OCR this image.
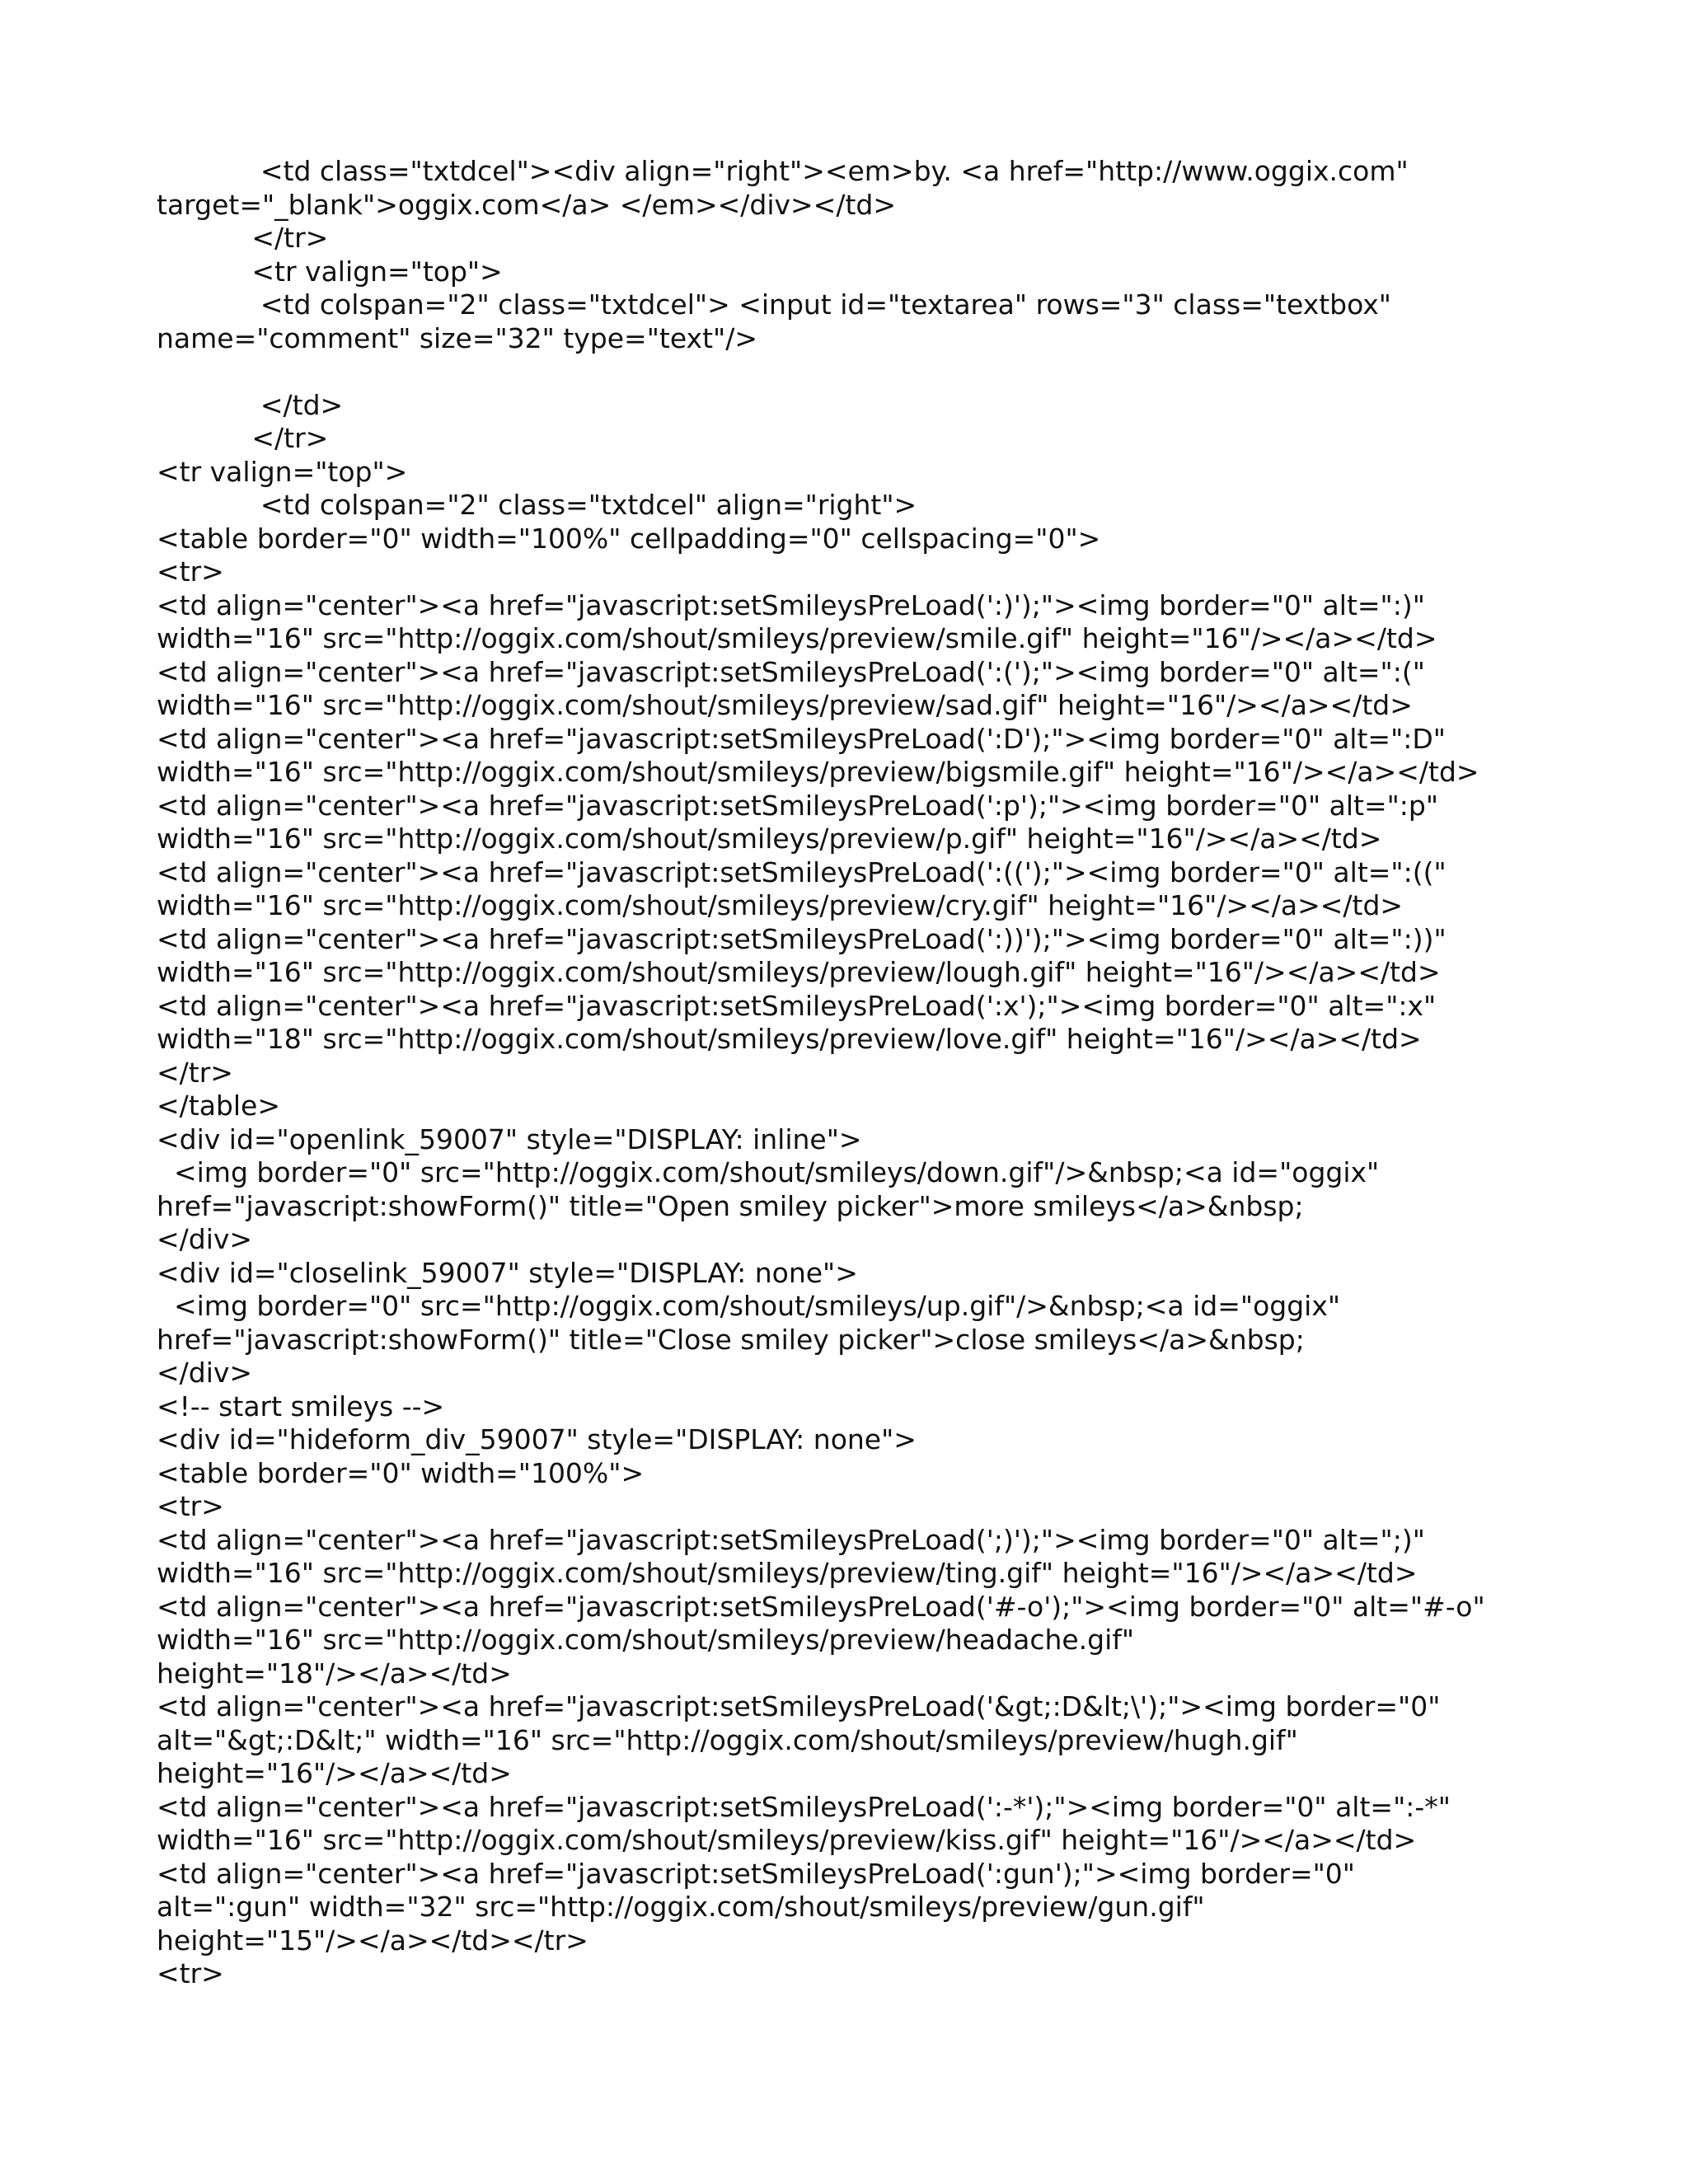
<td class="txtdcel"><div align="right"><em>by. <a href="http://www.oggix.com"
target="_blank">oggix.com</a> </em></div></td>
</tr>
<tr valign="top">
<td colspan="2" class="txtdcel"> <input id="textarea" rows="3" class="textbox"
name="comment" size="32" type="text"/>
</td>
</tr>
<tr valign="top">
<td colspan="2" class="txtdcel" align="right">
<table border="0" width="100%" cellpadding="0" cellspacing="0">
<tr>
<td align="center"><a href="javascript:setSmileysPreLoad(':)');"><img border="0" alt=":)"
width="16" src="http://oggix.com/shout/smileys/preview/smile.gif" height="16"/></a></td>
<td align="center"><a href="javascript:setSmileysPreLoad(':(');"><img border="0" alt=":("
width="16" src="http://oggix.com/shout/smileys/preview/sad.gif" height="16"/></a></td>
<td align="center"><a href="javascript:setSmileysPreLoad(':D');"><img border="0" alt=":D"
width="16" src="http://oggix.com/shout/smileys/preview/bigsmile.gif" height="16"/></a></td>
<td align="center"><a href="javascript:setSmileysPreLoad(':p');"><img border="0" alt=":p"
width="16" src="http://oggix.com/shout/smileys/preview/p.gif" height="16"/></a></td>
<td align="center"><a href="javascript:setSmileysPreLoad(':((');"><img border="0" alt=":(("
width="16" src="http://oggix.com/shout/smileys/preview/cry.gif" height="16"/></a></td>
<td align="center"><a href="javascript:setSmileysPreLoad(':))');"><img border="0" alt=":))"
width="16" src="http://oggix.com/shout/smileys/preview/lough.gif" height="16"/></a></td>
<td align="center"><a href="javascript:setSmileysPreLoad(':x');"><img border="0" alt=":x"
width="18" src="http://oggix.com/shout/smileys/preview/love.gif" height="16"/></a></td>
</tr>
</table>
<div id="openlink_59007" style="DISPLAY: inline">
<img border="0" src="http://oggix.com/shout/smileys/down.gif"/>&nbsp;<a id="oggix"
href="javascript:showForm()" title="Open smiley picker">more smileys</a>&nbsp;
</div>
<div id="closelink_59007" style="DISPLAY: none">
<img border="0" src="http://oggix.com/shout/smileys/up.gif"/>&nbsp;<a id="oggix"
href="javascript:showForm()" title="Close smiley picker">close smileys</a>&nbsp;
</div>
<!-- start smileys -->
<div id="hideform_div_59007" style="DISPLAY: none">
<table border="0" width="100%">
<tr>
<td align="center"><a href="javascript:setSmileysPreLoad(';)');"><img border="0" alt=";)"
width="16" src="http://oggix.com/shout/smileys/preview/ting.gif" height="16"/></a></td>
<td align="center"><a href="javascript:setSmileysPreLoad('#-o');"><img border="0" alt="#-o"
width="16" src="http://oggix.com/shout/smileys/preview/headache.gif"
height="18"/></a></td>
<td align="center"><a href="javascript:setSmileysPreLoad('&gt;:D&lt;\');"><img border="0"
alt="&gt;:D&lt;" width="16" src="http://oggix.com/shout/smileys/preview/hugh.gif"
height="16"/></a></td>
<td align="center"><a href="javascript:setSmileysPreLoad(':-*');"><img border="0" alt=":-*"
width="16" src="http://oggix.com/shout/smileys/preview/kiss.gif" height="16"/></a></td>
<td align="center"><a href="javascript:setSmileysPreLoad(':gun');"><img border="0"
alt=":gun" width="32" src="http://oggix.com/shout/smileys/preview/gun.gif"
height="15"/></a></td></tr>
<tr>
